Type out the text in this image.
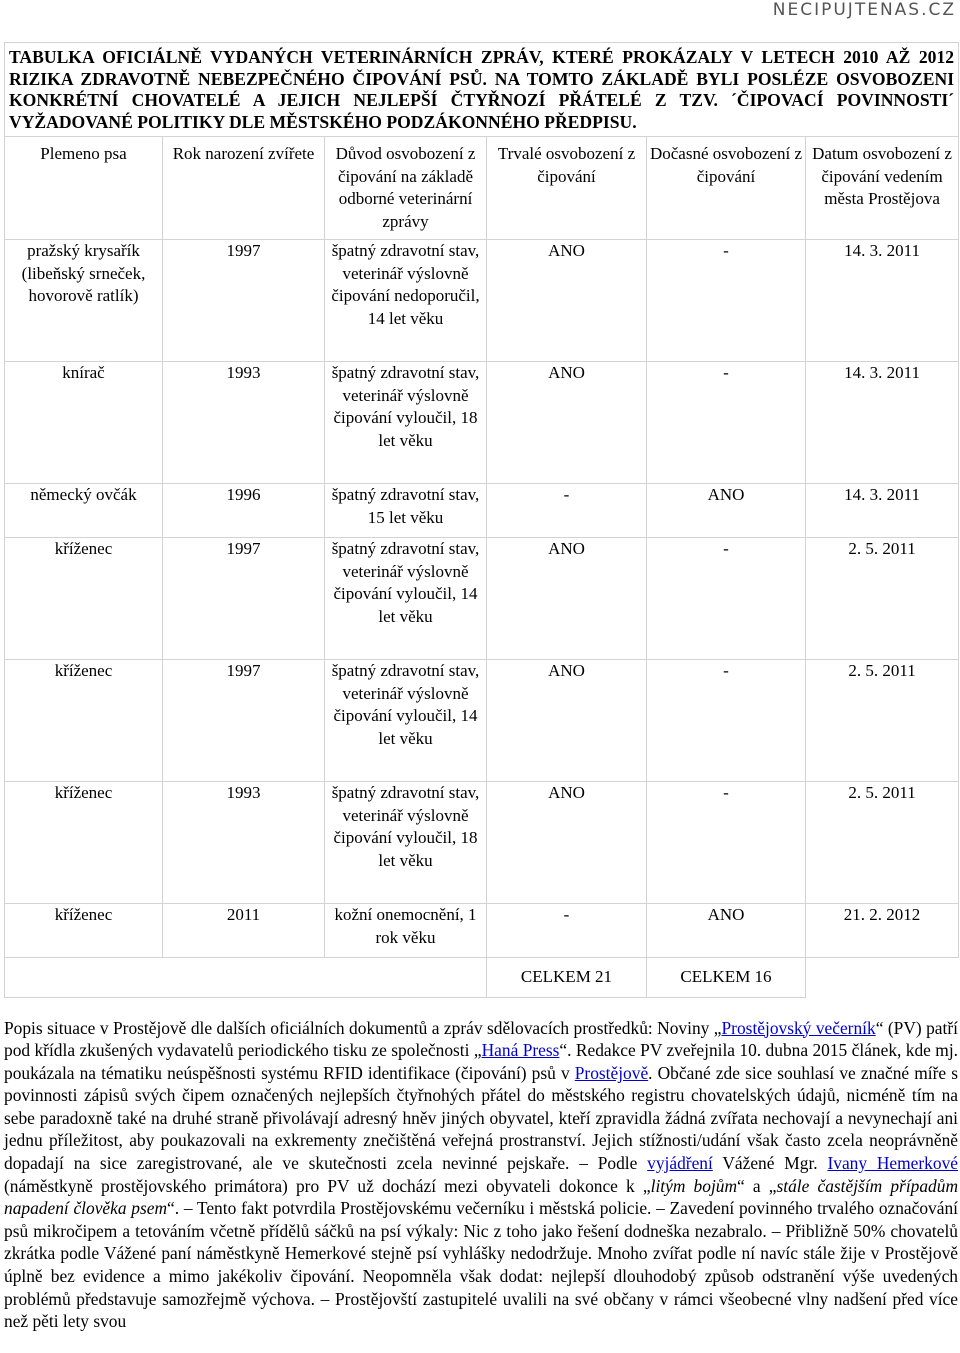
NECIPUJTENAS.CZ
TABULKA OFICIÁLNĚ VYDANÝCH VETERINÁRNÍCH ZPRÁV, KTERÉ PROKÁZALY V LETECH 2010 AŽ 2012 RIZIKA ZDRAVOTNĚ NEBEZPEČNÉHO ČIPOVÁNÍ PSŮ. NA TOMTO ZÁKLADĚ BYLI POSLÉZE OSVOBOZENI KONKRÉTNÍ CHOVATELÉ A JEJICH NEJLEPŠÍ ČTYŘNOZÍ PŘÁTELÉ Z TZV. ´ČIPOVACÍ POVINNOSTI´ VYŽADOVANÉ POLITIKY DLE MĚSTSKÉHO PODZÁKONNÉHO PŘEDPISU.					
Plemeno psa	Rok narození zvířete	Důvod osvobození z čipování na základě odborné veterinární zprávy	Trvalé osvobození z čipování	Dočasné osvobození z čipování	Datum osvobození z čipování vedením města Prostějova
pražský krysařík (libeňský srneček, hovorově ratlík)	1997	špatný zdravotní stav, veterinář výslovně čipování nedoporučil, 14 let věku	ANO	-	14. 3. 2011
knírač	1993	špatný zdravotní stav, veterinář výslovně čipování vyloučil, 18 let věku	ANO	-	14. 3. 2011
německý ovčák	1996	špatný zdravotní stav, 15 let věku	-	ANO	14. 3. 2011
kříženec	1997	špatný zdravotní stav, veterinář výslovně čipování vyloučil, 14 let věku	ANO	-	2. 5. 2011
kříženec	1997	špatný zdravotní stav, veterinář výslovně čipování vyloučil, 14 let věku	ANO	-	2. 5. 2011
kříženec	1993	špatný zdravotní stav, veterinář výslovně čipování vyloučil, 18 let věku	ANO	-	2. 5. 2011
kříženec	2011	kožní onemocnění, 1 rok věku	-	ANO	21. 2. 2012
			CELKEM 21	CELKEM 16	

Popis situace v Prostějově dle dalších oficiálních dokumentů a zpráv sdělovacích prostředků: Noviny „Prostějovský večerník“ (PV) patří pod křídla zkušených vydavatelů periodického tisku ze společnosti „Haná Press“. Redakce PV zveřejnila 10. dubna 2015 článek, kde mj. poukázala na tématiku neúspěšnosti systému RFID identifikace (čipování) psů v Prostějově. Občané zde sice souhlasí ve značné míře s povinnosti zápisů svých čipem označených nejlepších čtyřnohých přátel do městského registru chovatelských údajů, nicméně tím na sebe paradoxně také na druhé straně přivolávají adresný hněv jiných obyvatel, kteří zpravidla žádná zvířata nechovají a nevynechají ani jednu příležitost, aby poukazovali na exkrementy znečištěná veřejná prostranství. Jejich stížnosti/udání však často zcela neoprávněně dopadají na sice zaregistrované, ale ve skutečnosti zcela nevinné pejskaře. – Podle vyjádření Vážené Mgr. Ivany Hemerkové (náměstkyně prostějovského primátora) pro PV už dochází mezi obyvateli dokonce k „litým bojům“ a „stále častějším případům napadení člověka psem“. – Tento fakt potvrdila Prostějovskému večerníku i městská policie. – Zavedení povinného trvalého označování psů mikročipem a tetováním včetně přídělů sáčků na psí výkaly: Nic z toho jako řešení dodneška nezabralo. – Přibližně 50% chovatelů zkrátka podle Vážené paní náměstkyně Hemerkové stejně psí vyhlášky nedodržuje. Mnoho zvířat podle ní navíc stále žije v Prostějově úplně bez evidence a mimo jakékoliv čipování. Neopomněla však dodat: nejlepší dlouhodobý způsob odstranění výše uvedených problémů představuje samozřejmě výchova. – Prostějovští zastupitelé uvalili na své občany v rámci všeobecné vlny nadšení před více než pěti lety svou
